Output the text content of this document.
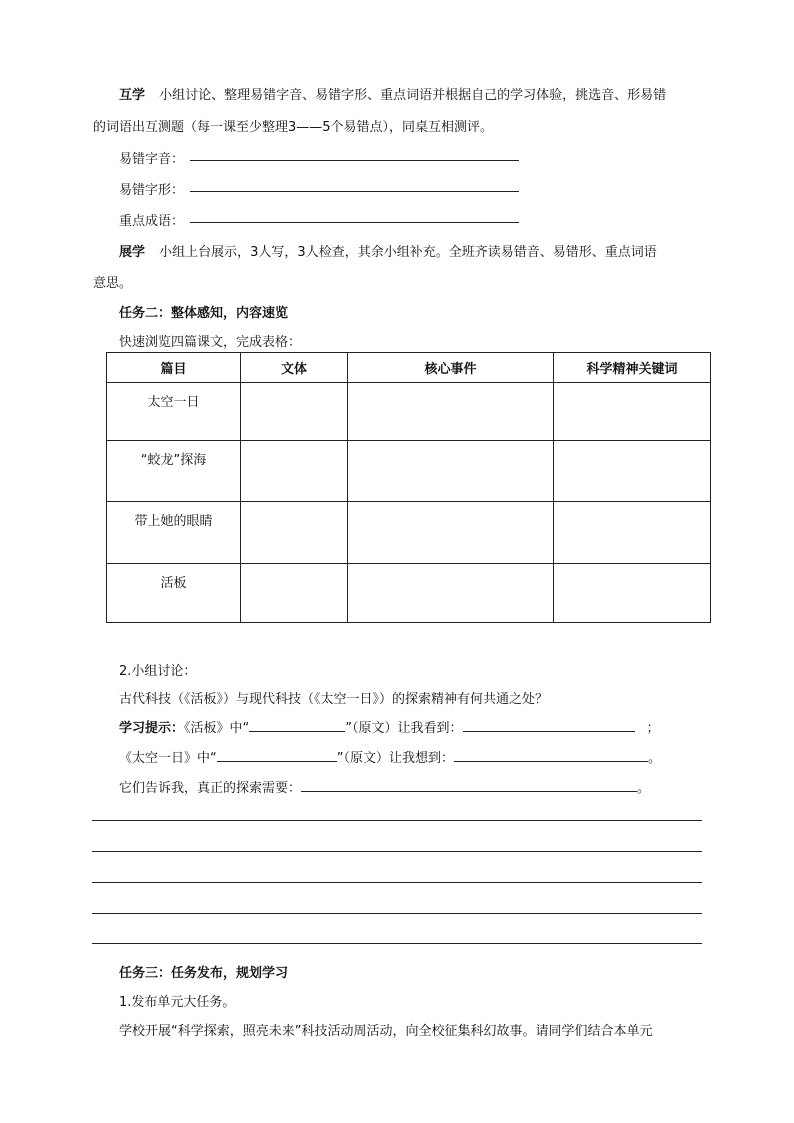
互学 小组讨论、整理易错字音、易错字形、重点词语并根据自己的学习体验，挑选音、形易错
的词语出互测题（每一课至少整理3——5个易错点），同桌互相测评。
易错字音：
易错字形：
重点成语：
展学 小组上台展示，3人写，3人检查，其余小组补充。全班齐读易错音、易错形、重点词语
意思。
任务二：整体感知，内容速览
快速浏览四篇课文，完成表格：
篇目	文体	核心事件	科学精神关键词
太空一日			
“蛟龙”探海			
带上她的眼睛			
活板			
2.小组讨论：
古代科技（《活板》）与现代科技（《太空一日》）的探索精神有何共通之处？
学习提示：《活板》中“	”（原文）让我看到：	；
《太空一日》中“	”（原文）让我想到：	。
它们告诉我，真正的探索需要：	。
任务三：任务发布，规划学习
1.发布单元大任务。
学校开展“科学探索，照亮未来”科技活动周活动，向全校征集科幻故事。请同学们结合本单元
